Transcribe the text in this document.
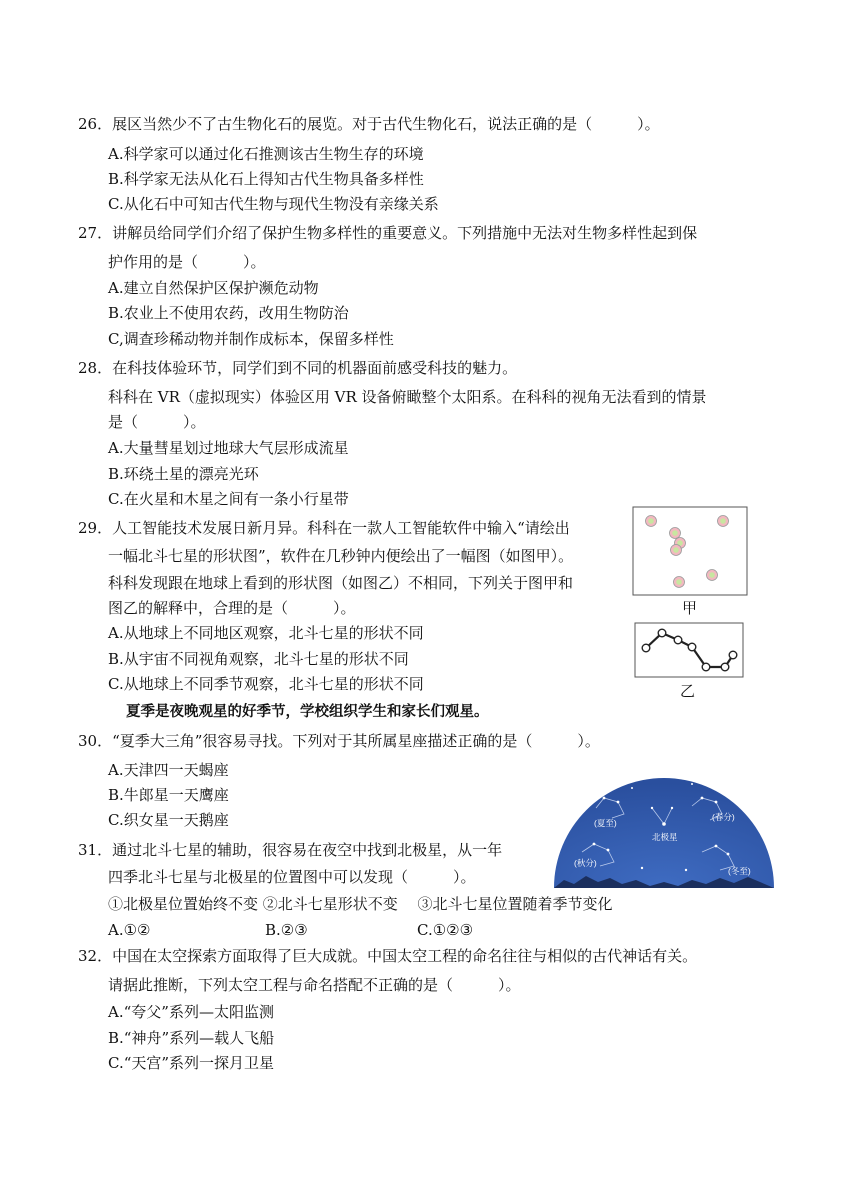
26．展区当然少不了古生物化石的展览。对于古代生物化石，说法正确的是（　　　）。
A.科学家可以通过化石推测该古生物生存的环境
B.科学家无法从化石上得知古代生物具备多样性
C.从化石中可知古代生物与现代生物没有亲缘关系
27．讲解员给同学们介绍了保护生物多样性的重要意义。下列措施中无法对生物多样性起到保
护作用的是（　　　）。
A.建立自然保护区保护濒危动物
B.农业上不使用农药，改用生物防治
C,调查珍稀动物并制作成标本，保留多样性
28．在科技体验环节，同学们到不同的机器面前感受科技的魅力。
科科在 VR（虚拟现实）体验区用 VR 设备俯瞰整个太阳系。在科科的视角无法看到的情景
是（　　　）。
A.大量彗星划过地球大气层形成流星
B.环绕土星的漂亮光环
C.在火星和木星之间有一条小行星带
29．人工智能技术发展日新月异。科科在一款人工智能软件中输入“请绘出
一幅北斗七星的形状图”，软件在几秒钟内便绘出了一幅图（如图甲）。
科科发现跟在地球上看到的形状图（如图乙）不相同，下列关于图甲和
图乙的解释中，合理的是（　　　）。
A.从地球上不同地区观察，北斗七星的形状不同
B.从宇宙不同视角观察，北斗七星的形状不同
C.从地球上不同季节观察，北斗七星的形状不同
甲
乙
夏季是夜晚观星的好季节，学校组织学生和家长们观星。
30．“夏季大三角”很容易寻找。下列对于其所属星座描述正确的是（　　　）。
A.天津四一天蝎座
B.牛郎星一天鹰座
C.织女星一天鹅座
31．通过北斗七星的辅助，很容易在夜空中找到北极星，从一年
四季北斗七星与北极星的位置图中可以发现（　　　）。
①北极星位置始终不变 ②北斗七星形状不变　 ③北斗七星位置随着季节变化
A.①②	B.②③	C.①②③
(夏至)
(春分)
北极星
(秋分)
(冬至)
32．中国在太空探索方面取得了巨大成就。中国太空工程的命名往往与相似的古代神话有关。
请据此推断，下列太空工程与命名搭配不正确的是（　　　）。
A.“夸父”系列—太阳监测
B.“神舟”系列—载人飞船
C.“天宫”系列一探月卫星
